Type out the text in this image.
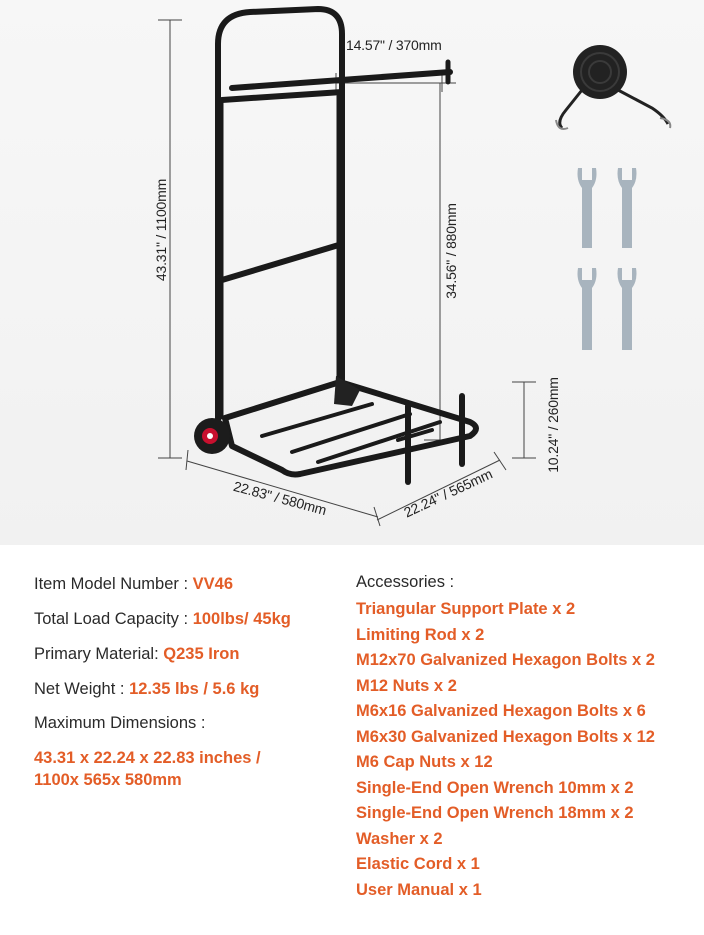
14.57" / 370mm
43.31" / 1100mm	34.56" / 880mm
10.24" / 260mm
22.83" / 580mm	22.24" / 565mm
Item Model Number : VV46
Total Load Capacity : 100lbs/ 45kg
Primary Material: Q235 Iron
Net Weight : 12.35 lbs / 5.6 kg
Maximum Dimensions :
43.31 x 22.24 x 22.83 inches /
1100x 565x 580mm
Accessories :
Triangular Support Plate x 2
Limiting Rod x 2
M12x70 Galvanized Hexagon Bolts x 2
M12 Nuts x 2
M6x16 Galvanized Hexagon Bolts x 6
M6x30 Galvanized Hexagon Bolts x 12
M6 Cap Nuts x 12
Single-End Open Wrench 10mm x 2
Single-End Open Wrench 18mm x 2
Washer x 2
Elastic Cord x 1
User Manual x 1
